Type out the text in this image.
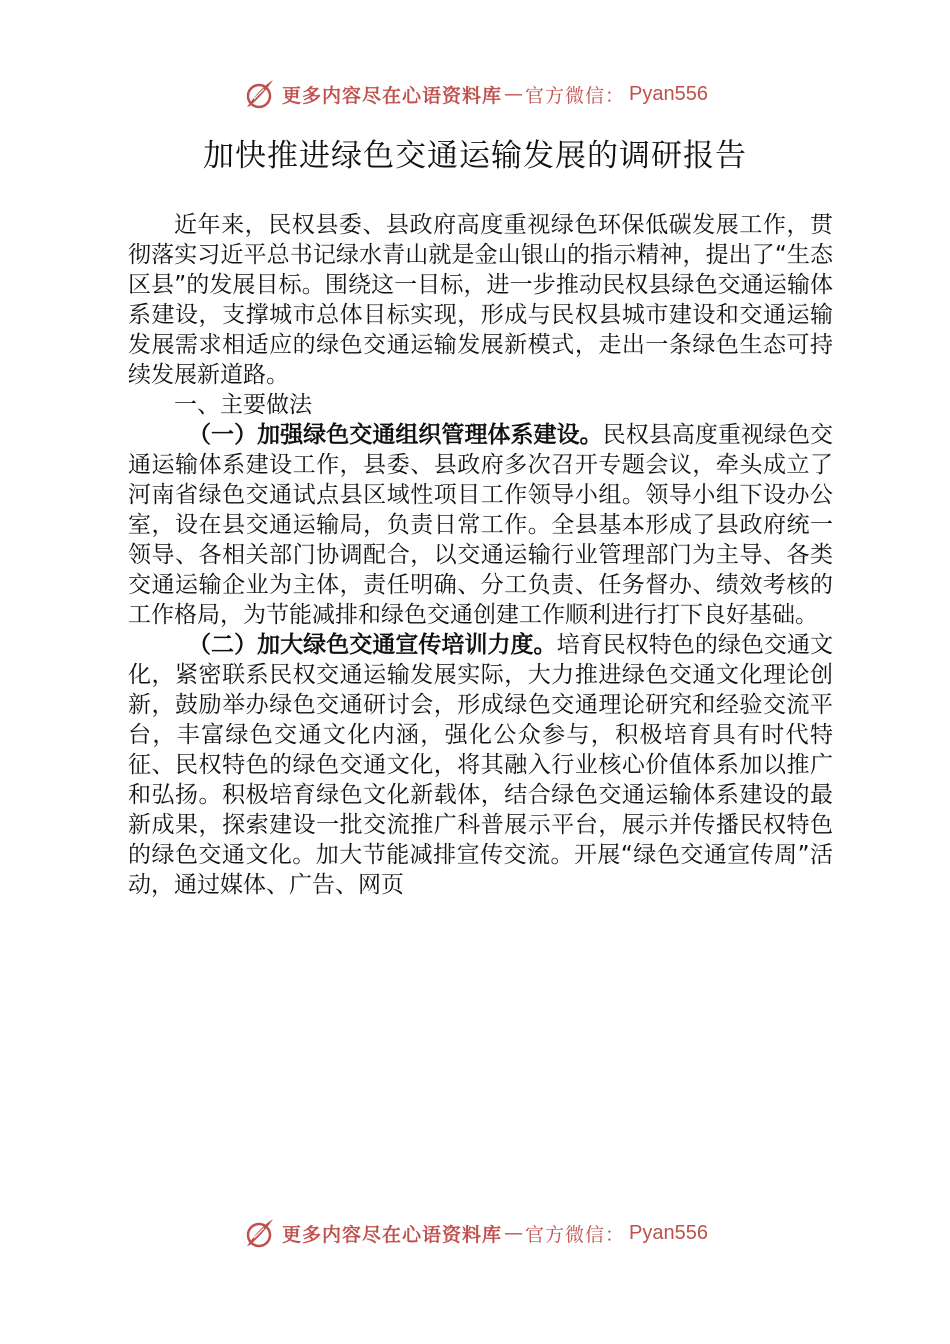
更多内容尽在心语资料库 — 官方微信： Pyan556
加快推进绿色交通运输发展的调研报告

近年来，民权县委、县政府高度重视绿色环保低碳发展工作，贯彻落实习近平总书记绿水青山就是金山银山的指示精神，提出了“生态区县”的发展目标。围绕这一目标，进一步推动民权县绿色交通运输体系建设，支撑城市总体目标实现，形成与民权县城市建设和交通运输发展需求相适应的绿色交通运输发展新模式，走出一条绿色生态可持续发展新道路。

一、主要做法

（一）加强绿色交通组织管理体系建设。民权县高度重视绿色交通运输体系建设工作，县委、县政府多次召开专题会议，牵头成立了河南省绿色交通试点县区域性项目工作领导小组。领导小组下设办公室，设在县交通运输局，负责日常工作。全县基本形成了县政府统一领导、各相关部门协调配合，以交通运输行业管理部门为主导、各类交通运输企业为主体，责任明确、分工负责、任务督办、绩效考核的工作格局，为节能减排和绿色交通创建工作顺利进行打下良好基础。

（二）加大绿色交通宣传培训力度。培育民权特色的绿色交通文化，紧密联系民权交通运输发展实际，大力推进绿色交通文化理论创新，鼓励举办绿色交通研讨会，形成绿色交通理论研究和经验交流平台，丰富绿色交通文化内涵，强化公众参与，积极培育具有时代特征、民权特色的绿色交通文化，将其融入行业核心价值体系加以推广和弘扬。积极培育绿色文化新载体，结合绿色交通运输体系建设的最新成果，探索建设一批交流推广科普展示平台，展示并传播民权特色的绿色交通文化。加大节能减排宣传交流。开展“绿色交通宣传周”活动，通过媒体、广告、网页

更多内容尽在心语资料库 — 官方微信： Pyan556
